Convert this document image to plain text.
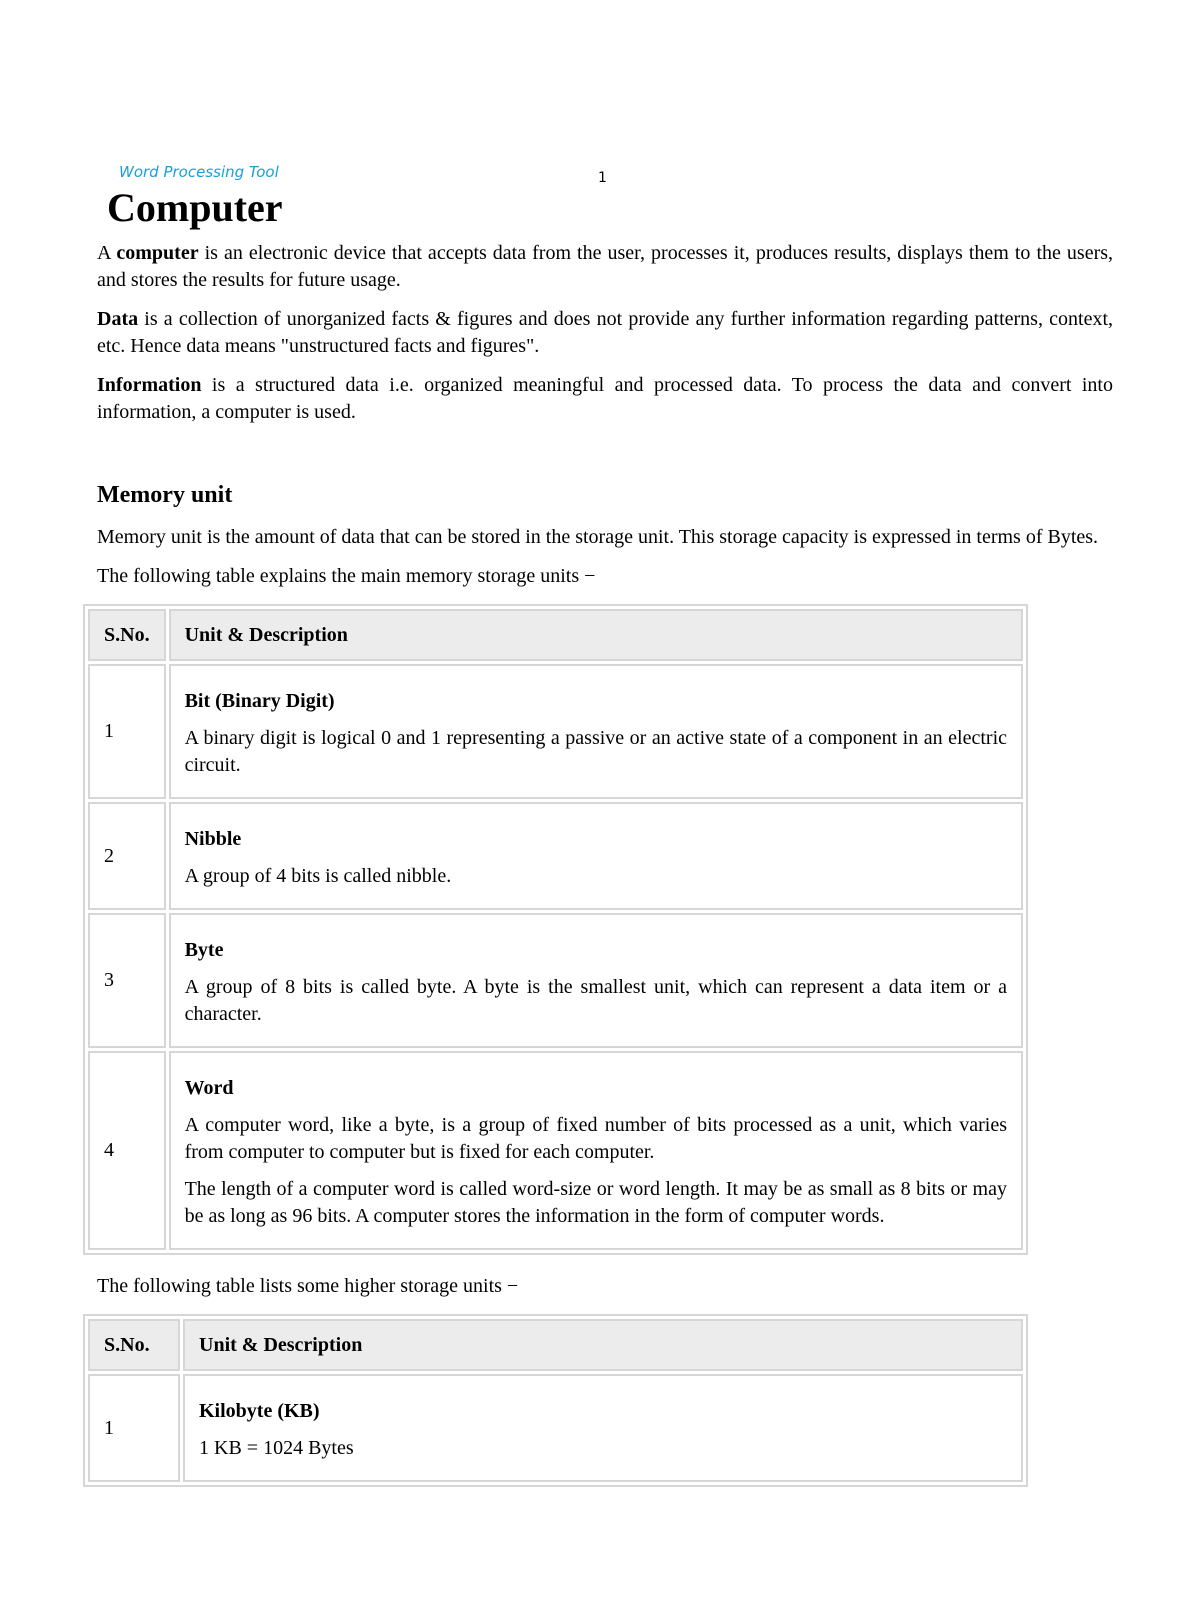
Word Processing Tool	1
Computer

A computer is an electronic device that accepts data from the user, processes it, produces results, displays them to the users, and stores the results for future usage.

Data is a collection of unorganized facts & figures and does not provide any further information regarding patterns, context, etc. Hence data means "unstructured facts and figures".

Information is a structured data i.e. organized meaningful and processed data. To process the data and convert into information, a computer is used.

Memory unit

Memory unit is the amount of data that can be stored in the storage unit. This storage capacity is expressed in terms of Bytes.

The following table explains the main memory storage units −

S.No.	Unit & Description
1	Bit (Binary Digit)
A binary digit is logical 0 and 1 representing a passive or an active state of a component in an electric circuit.

2	Nibble
A group of 4 bits is called nibble.

3	Byte
A group of 8 bits is called byte. A byte is the smallest unit, which can represent a data item or a character.

4	Word
A computer word, like a byte, is a group of fixed number of bits processed as a unit, which varies from computer to computer but is fixed for each computer.
The length of a computer word is called word-size or word length. It may be as small as 8 bits or may be as long as 96 bits. A computer stores the information in the form of computer words.

The following table lists some higher storage units −

S.No.	Unit & Description
1	Kilobyte (KB)
1 KB = 1024 Bytes
